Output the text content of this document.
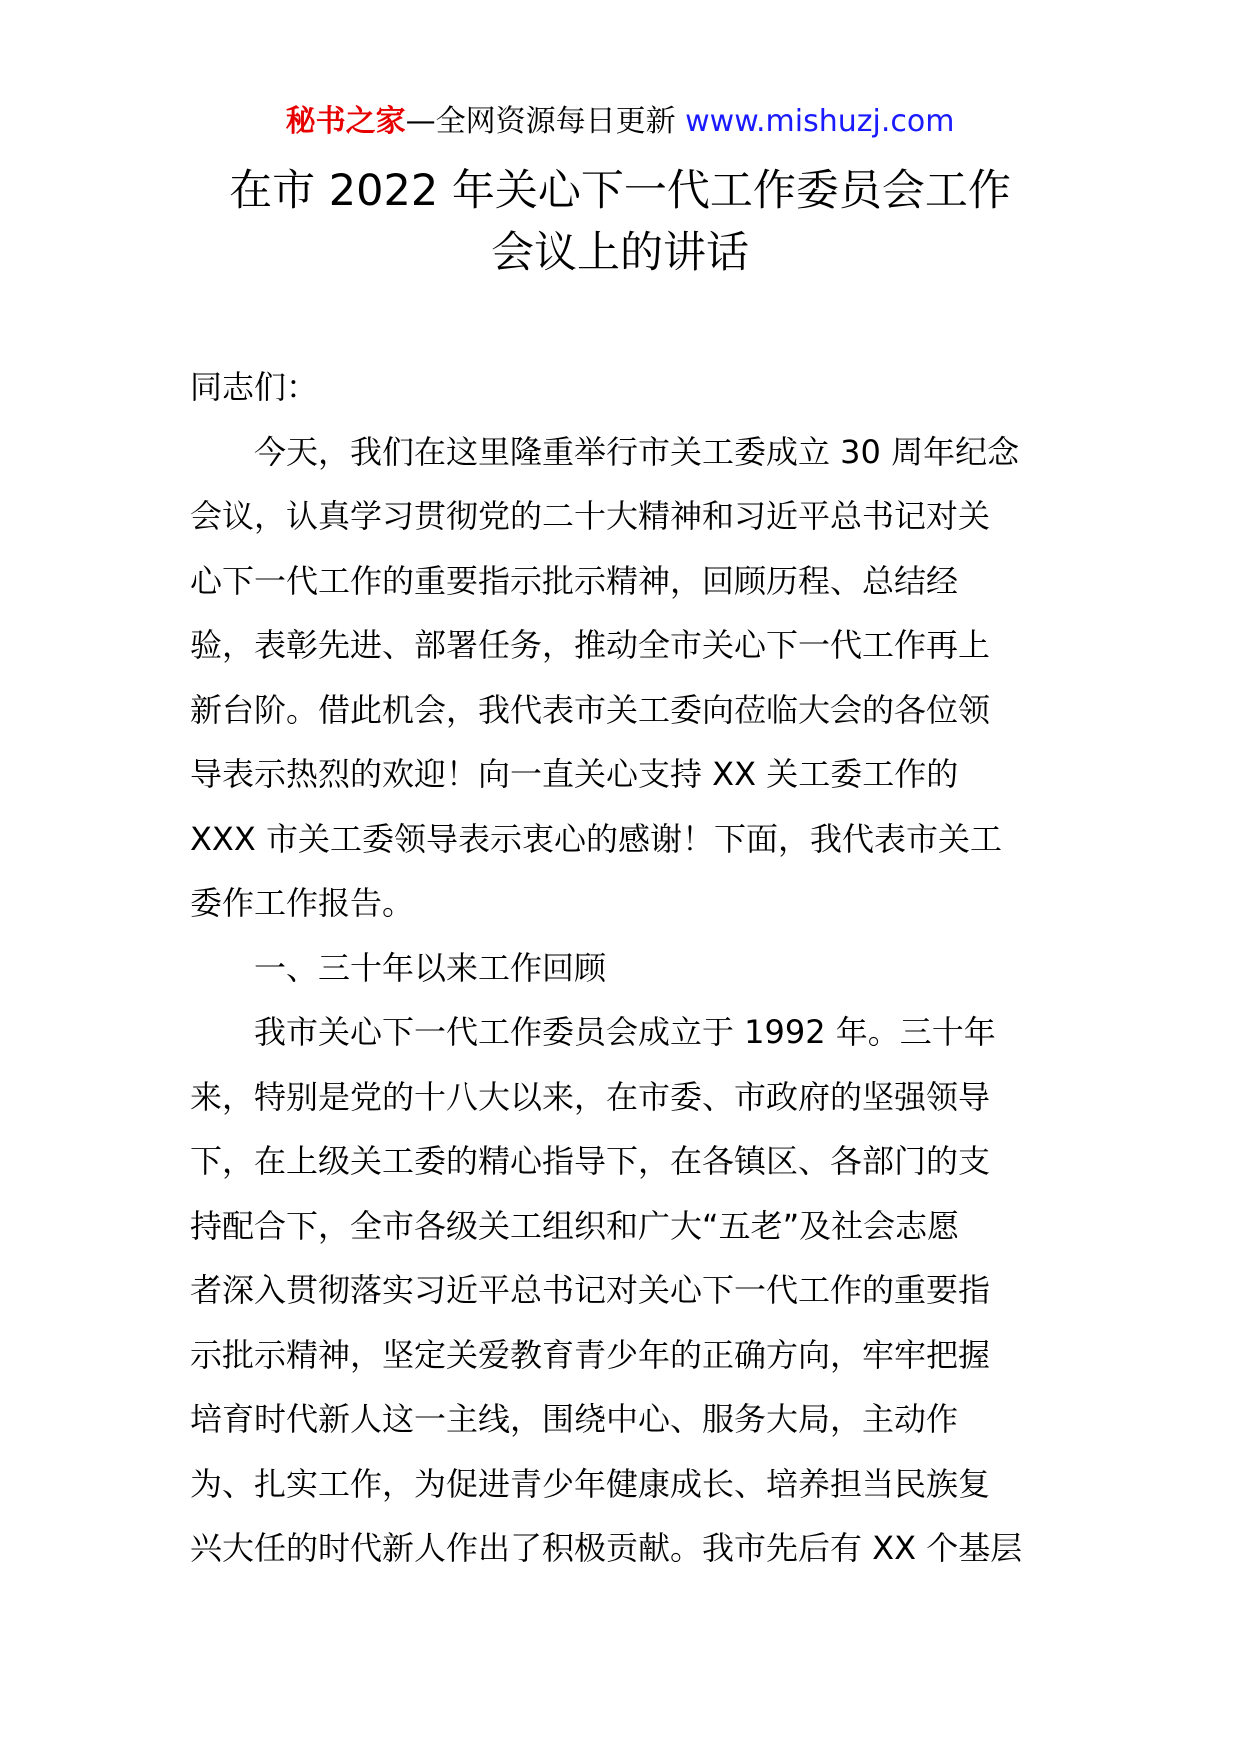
秘书之家—全网资源每日更新 www.mishuzj.com
在市 2022 年关心下一代工作委员会工作
会议上的讲话
同志们：
　　今天，我们在这里隆重举行市关工委成立 30 周年纪念
会议，认真学习贯彻党的二十大精神和习近平总书记对关
心下一代工作的重要指示批示精神，回顾历程、总结经
验，表彰先进、部署任务，推动全市关心下一代工作再上
新台阶。借此机会，我代表市关工委向莅临大会的各位领
导表示热烈的欢迎！向一直关心支持 XX 关工委工作的
XXX 市关工委领导表示衷心的感谢！下面，我代表市关工
委作工作报告。
　　一、三十年以来工作回顾
　　我市关心下一代工作委员会成立于 1992 年。三十年
来，特别是党的十八大以来，在市委、市政府的坚强领导
下，在上级关工委的精心指导下，在各镇区、各部门的支
持配合下，全市各级关工组织和广大“五老”及社会志愿
者深入贯彻落实习近平总书记对关心下一代工作的重要指
示批示精神，坚定关爱教育青少年的正确方向，牢牢把握
培育时代新人这一主线，围绕中心、服务大局，主动作
为、扎实工作，为促进青少年健康成长、培养担当民族复
兴大任的时代新人作出了积极贡献。我市先后有 XX 个基层
